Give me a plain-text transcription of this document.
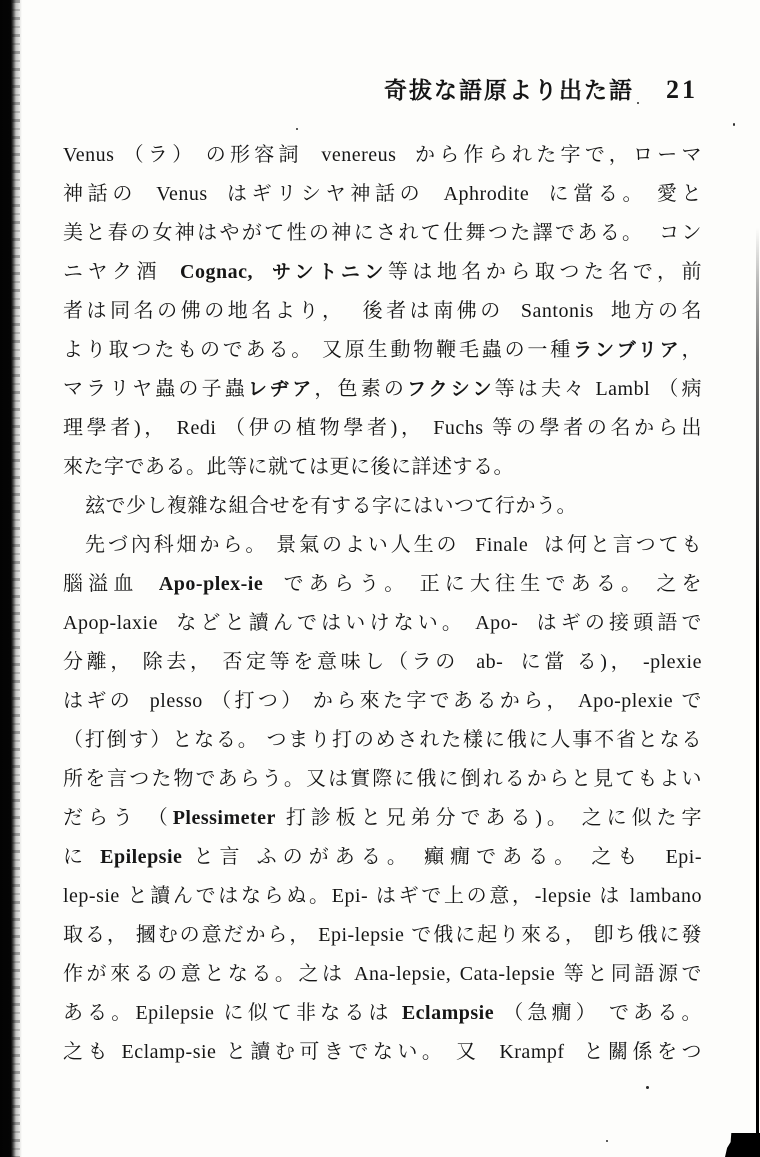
奇拔な語原より出た語 21
Venus （ラ） の形容詞  venereus  から作られた字で，ローマ
神話の  Venus  はギリシヤ神話の  Aphrodite  に當る。 愛と
美と春の女神はやがて性の神にされて仕舞つた譯である。  コン
ニヤク酒  Cognac, サントニン等は地名から取つた名で，前
者は同名の佛の地名より，  後者は南佛の  Santonis  地方の名
より取つたものである。 又原生動物鞭毛蟲の一種ランブリア，
マラリヤ蟲の子蟲レヂア，色素のフクシン等は夫々 Lambl （病
理學者)， Redi （伊の植物學者)， Fuchs 等の學者の名から出
來た字である。此等に就ては更に後に詳述する。
玆で少し複雜な組合せを有する字にはいつて行かう。
先づ內科畑から。 景氣のよい人生の  Finale  は何と言つても
腦溢血  Apo-plex-ie  であらう。 正に大往生である。 之を
Apop-laxie  などと讀んではいけない。 Apo-  はギの接頭語で
分離， 除去， 否定等を意味し（ラの  ab-  に當 る)， -plexie
はギの  plesso （打つ） から來た字であるから， Apo-plexie で
（打倒す）となる。 つまり打のめされた樣に俄に人事不省となる
所を言つた物であらう。又は實際に俄に倒れるからと見てもよい
だらう （Plessimeter 打診板と兄弟分である)。 之に似た字
に Epilepsie と言 ふのがある。 癲癇である。 之も  Epi-
lep-sie と讀んではならぬ。Epi- はギで上の意，-lepsie は lambano
取る， 摑むの意だから， Epi-lepsie で俄に起り來る， 卽ち俄に發
作が來るの意となる。之は Ana-lepsie, Cata-lepsie 等と同語源で
ある。Epilepsie に似て非なるは Eclampsie （急癇） である。
之も Eclamp-sie と讀む可きでない。 又  Krampf  と關係をつ
